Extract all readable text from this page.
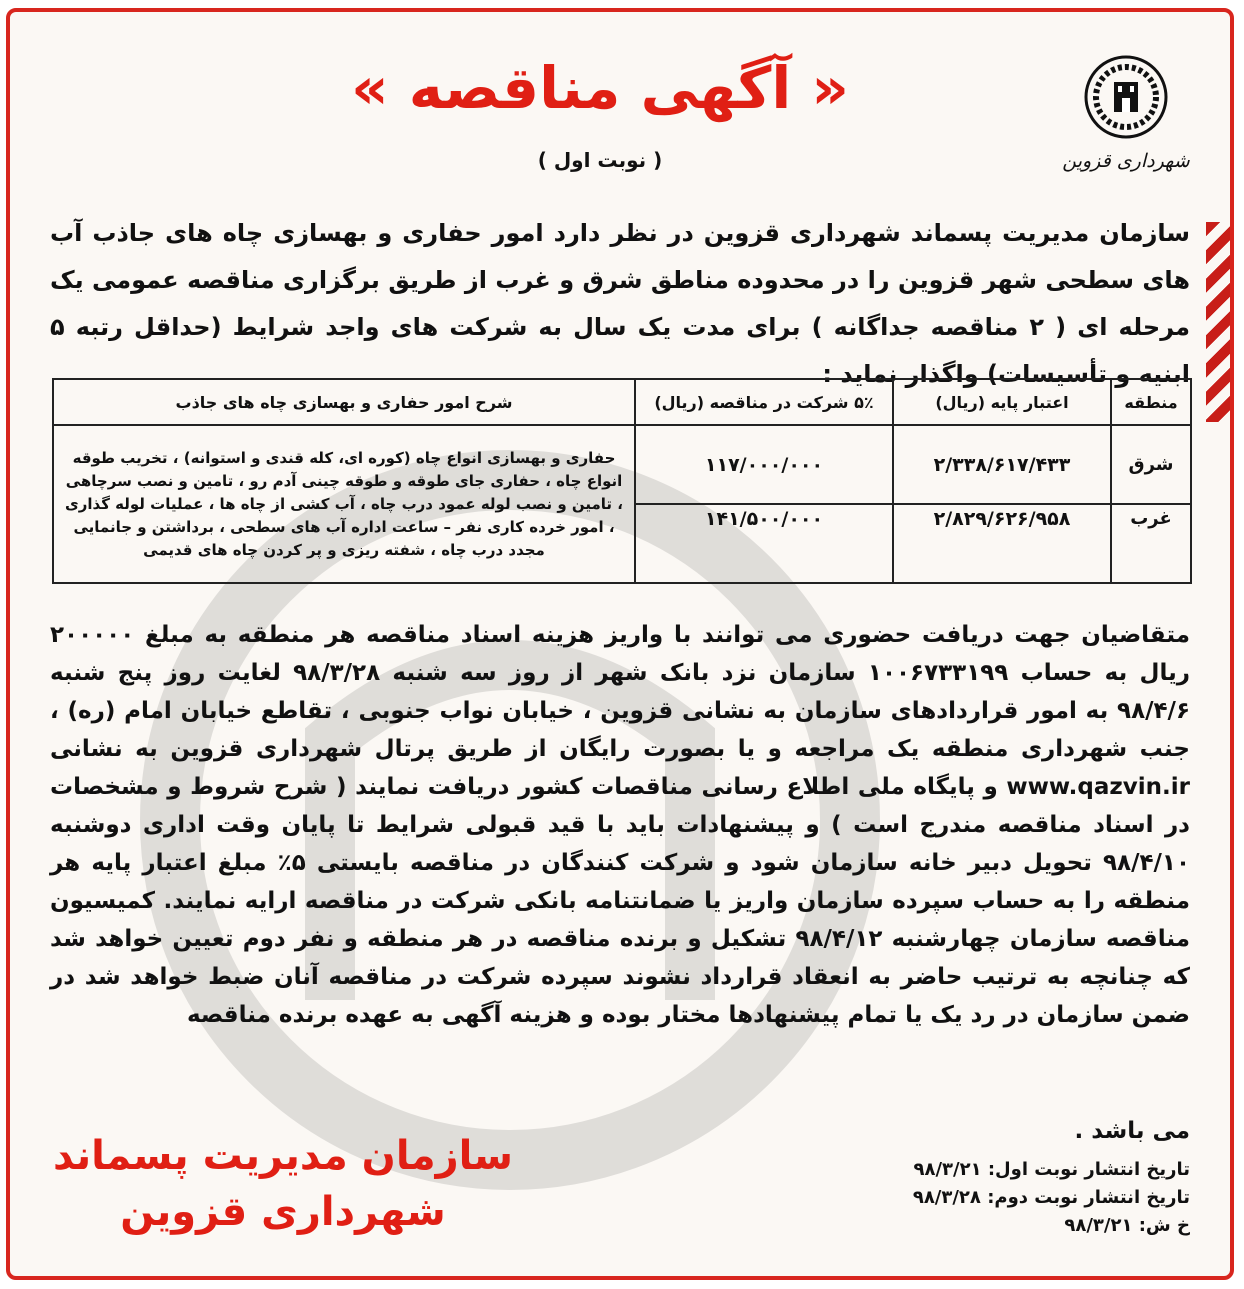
شهرداری قزوین
« آگهی مناقصه »
( نوبت اول )
سازمان مدیریت پسماند شهرداری قزوین در نظر دارد امور حفاری و بهسازی چاه های جاذب آب های سطحی شهر قزوین را در محدوده مناطق شرق و غرب از طریق برگزاری مناقصه عمومی یک مرحله ای ( ۲ مناقصه جداگانه ) برای مدت یک سال به شرکت های واجد شرایط (حداقل رتبه ۵ ابنیه و تأسیسات) واگذار نماید :
منطقه	اعتبار پایه (ریال)	۵٪ شرکت در مناقصه (ریال)	شرح امور حفاری و بهسازی چاه های جاذب
شرق	۲/۳۳۸/۶۱۷/۴۳۳	۱۱۷/۰۰۰/۰۰۰	حفاری و بهسازی انواع چاه (کوره ای، کله قندی و استوانه) ، تخریب طوقه انواع چاه ، حفاری جای طوقه و طوقه چینی آدم رو ، تامین و نصب سرچاهی ، تامین و نصب لوله عمود درب چاه ، آب کشی از چاه ها ، عملیات لوله گذاری ، امور خرده کاری نفر – ساعت اداره آب های سطحی ، برداشتن و جانمایی مجدد درب چاه ، شفته ریزی و پر کردن چاه های قدیمی
غرب	۲/۸۲۹/۶۲۶/۹۵۸	۱۴۱/۵۰۰/۰۰۰	
متقاضیان جهت دریافت حضوری می توانند با واریز هزینه اسناد مناقصه هر منطقه به مبلغ ۲۰۰۰۰۰ ریال به حساب ۱۰۰۶۷۳۳۱۹۹ سازمان نزد بانک شهر از روز سه شنبه ۹۸/۳/۲۸ لغایت روز پنج شنبه ۹۸/۴/۶ به امور قراردادهای سازمان به نشانی قزوین ، خیابان نواب جنوبی ، تقاطع خیابان امام (ره) ، جنب شهرداری منطقه یک مراجعه و یا بصورت رایگان از طریق پرتال شهرداری قزوین به نشانی www.qazvin.ir و پایگاه ملی اطلاع رسانی مناقصات کشور دریافت نمایند ( شرح شروط و مشخصات در اسناد مناقصه مندرج است ) و پیشنهادات باید با قید قبولی شرایط تا پایان وقت اداری دوشنبه ۹۸/۴/۱۰ تحویل دبیر خانه سازمان شود و شرکت کنندگان در مناقصه بایستی ۵٪ مبلغ اعتبار پایه هر منطقه را به حساب سپرده سازمان واریز یا ضمانتنامه بانکی شرکت در مناقصه ارایه نمایند. کمیسیون مناقصه سازمان چهارشنبه ۹۸/۴/۱۲ تشکیل و برنده مناقصه در هر منطقه و نفر دوم تعیین خواهد شد که چنانچه به ترتیب حاضر به انعقاد قرارداد نشوند سپرده شرکت در مناقصه آنان ضبط خواهد شد در ضمن سازمان در رد یک یا تمام پیشنهادها مختار بوده و هزینه آگهی به عهده برنده مناقصه
می باشد .
تاریخ انتشار نوبت اول: ۹۸/۳/۲۱
تاریخ انتشار نوبت دوم: ۹۸/۳/۲۸
خ ش: ۹۸/۳/۲۱
سازمان مدیریت پسماند
شهرداری قزوین
